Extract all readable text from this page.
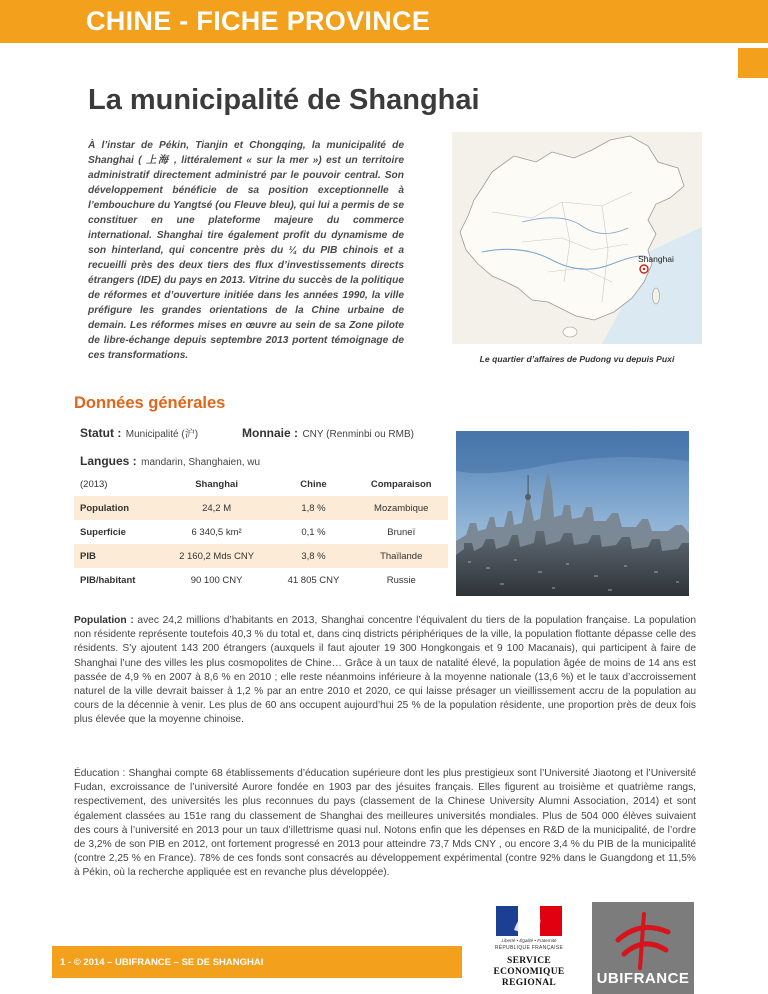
CHINE - FICHE PROVINCE
La municipalité de Shanghai

À l’instar de Pékin, Tianjin et Chongqing, la municipalité de Shanghai ( 上海 , littéralement « sur la mer ») est un territoire administratif directement administré par le pouvoir central. Son développement bénéficie de sa position exceptionnelle à l’embouchure du Yangtsé (ou Fleuve bleu), qui lui a permis de se constituer en une plateforme majeure du commerce international. Shanghai tire également profit du dynamisme de son hinterland, qui concentre près du ¼ du PIB chinois et a recueilli près des deux tiers des flux d’investissements directs étrangers (IDE) du pays en 2013. Vitrine du succès de la politique de réformes et d’ouverture initiée dans les années 1990, la ville préfigure les grandes orientations de la Chine urbaine de demain. Les réformes mises en œuvre au sein de sa Zone pilote de libre-échange depuis septembre 2013 portent témoignage de ces transformations.

Shanghai
Le quartier d’affaires de Pudong vu depuis Puxi
Données générales
Statut : Municipalité (沪)	Monnaie : CNY (Renminbi ou RMB)
Langues : mandarin, Shanghaien, wu
(2013)	Shanghai	Chine	Comparaison
Population	24,2 M	1,8 %	Mozambique
Superficie	6 340,5 km²	0,1 %	Bruneï
PIB	2 160,2 Mds CNY	3,8 %	Thaïlande
PIB/habitant	90 100 CNY	41 805 CNY	Russie

Population : avec 24,2 millions d’habitants en 2013, Shanghai concentre l’équivalent du tiers de la population française. La population non résidente représente toutefois 40,3 % du total et, dans cinq districts périphériques de la ville, la population flottante dépasse celle des résidents. S’y ajoutent 143 200 étrangers (auxquels il faut ajouter 19 300 Hongkongais et 9 100 Macanais), qui participent à faire de Shanghai l’une des villes les plus cosmopolites de Chine… Grâce à un taux de natalité élevé, la population âgée de moins de 14 ans est passée de 4,9 % en 2007 à 8,6 % en 2010 ; elle reste néanmoins inférieure à la moyenne nationale (13,6 %) et le taux d’accroissement naturel de la ville devrait baisser à 1,2 % par an entre 2010 et 2020, ce qui laisse présager un vieillissement accru de la population au cours de la décennie à venir. Les plus de 60 ans occupent aujourd’hui 25 % de la population résidente, une proportion près de deux fois plus élevée que la moyenne chinoise.

Éducation : Shanghai compte 68 établissements d’éducation supérieure dont les plus prestigieux sont l’Université Jiaotong et l’Université Fudan, excroissance de l’université Aurore fondée en 1903 par des jésuites français. Elles figurent au troisième et quatrième rangs, respectivement, des universités les plus reconnues du pays (classement de la Chinese University Alumni Association, 2014) et sont également classées au 151e rang du classement de Shanghai des meilleures universités mondiales. Plus de 504 000 élèves suivaient des cours à l’université en 2013 pour un taux d’illettrisme quasi nul. Notons enfin que les dépenses en R&D de la municipalité, de l’ordre de 3,2% de son PIB en 2012, ont fortement progressé en 2013 pour atteindre 73,7 Mds CNY , ou encore 3,4 % du PIB de la municipalité (contre 2,25 % en France). 78% de ces fonds sont consacrés au développement expérimental (contre 92% dans le Guangdong et 11,5% à Pékin, où la recherche appliquée est en revanche plus développée).

1 - © 2014 – UBIFRANCE – SE DE SHANGHAI
Liberté • Égalité • Fraternité
RÉPUBLIQUE FRANÇAISE
SERVICE
ECONOMIQUE
REGIONAL	UBIFRANCE
